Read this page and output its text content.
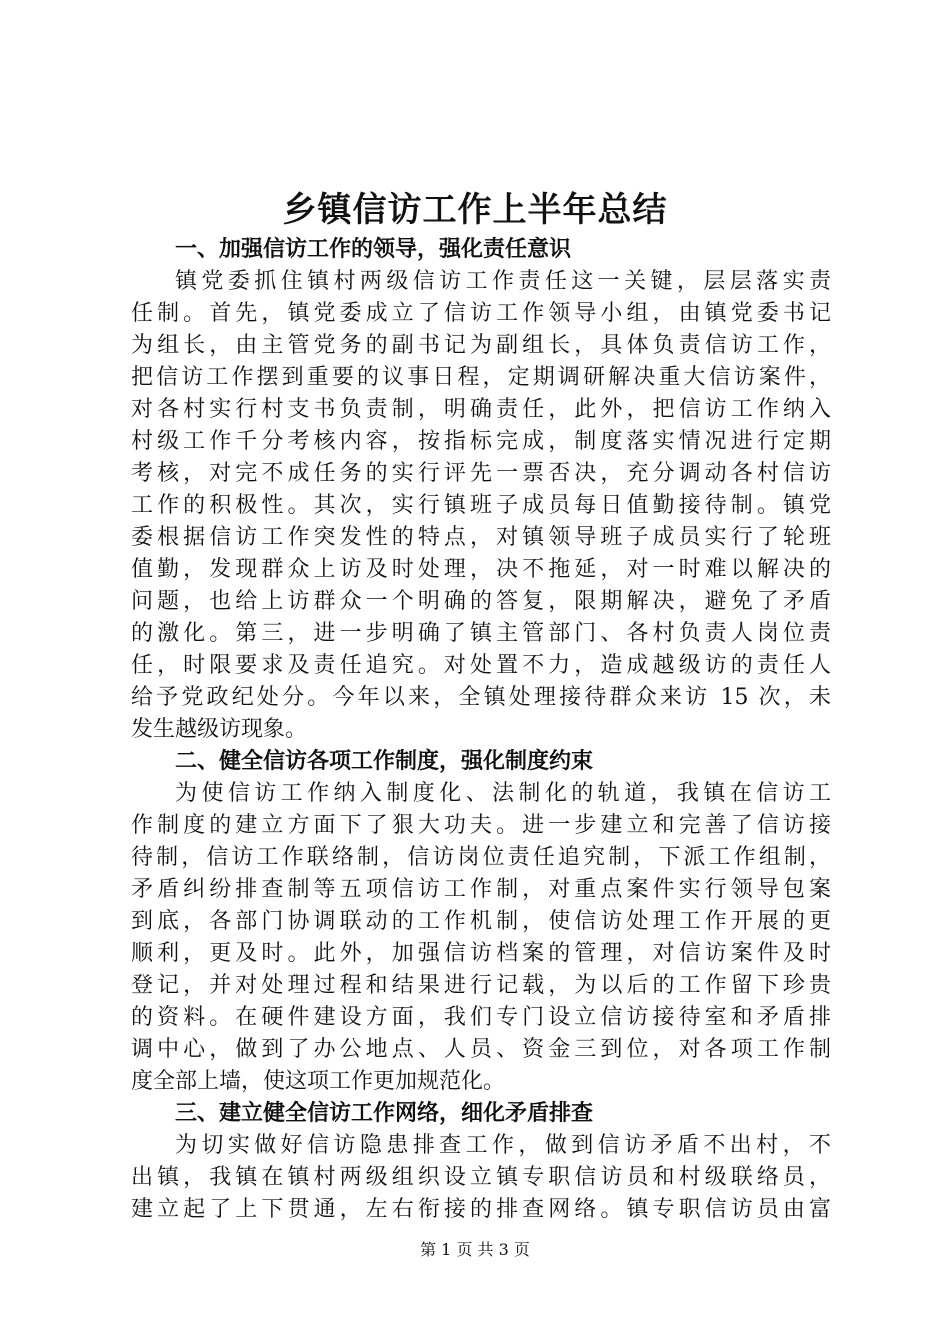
乡镇信访工作上半年总结
一、加强信访工作的领导，强化责任意识
镇党委抓住镇村两级信访工作责任这一关键，层层落实责
任制。首先，镇党委成立了信访工作领导小组，由镇党委书记
为组长，由主管党务的副书记为副组长，具体负责信访工作，
把信访工作摆到重要的议事日程，定期调研解决重大信访案件，
对各村实行村支书负责制，明确责任，此外，把信访工作纳入
村级工作千分考核内容，按指标完成，制度落实情况进行定期
考核，对完不成任务的实行评先一票否决，充分调动各村信访
工作的积极性。其次，实行镇班子成员每日值勤接待制。镇党
委根据信访工作突发性的特点，对镇领导班子成员实行了轮班
值勤，发现群众上访及时处理，决不拖延，对一时难以解决的
问题，也给上访群众一个明确的答复，限期解决，避免了矛盾
的激化。第三，进一步明确了镇主管部门、各村负责人岗位责
任，时限要求及责任追究。对处置不力，造成越级访的责任人
给予党政纪处分。今年以来，全镇处理接待群众来访 15 次，未
发生越级访现象。
二、健全信访各项工作制度，强化制度约束
为使信访工作纳入制度化、法制化的轨道，我镇在信访工
作制度的建立方面下了狠大功夫。进一步建立和完善了信访接
待制，信访工作联络制，信访岗位责任追究制，下派工作组制，
矛盾纠纷排查制等五项信访工作制，对重点案件实行领导包案
到底，各部门协调联动的工作机制，使信访处理工作开展的更
顺利，更及时。此外，加强信访档案的管理，对信访案件及时
登记，并对处理过程和结果进行记载，为以后的工作留下珍贵
的资料。在硬件建设方面，我们专门设立信访接待室和矛盾排
调中心，做到了办公地点、人员、资金三到位，对各项工作制
度全部上墙，使这项工作更加规范化。
三、建立健全信访工作网络，细化矛盾排查
为切实做好信访隐患排查工作，做到信访矛盾不出村，不
出镇，我镇在镇村两级组织设立镇专职信访员和村级联络员，
建立起了上下贯通，左右衔接的排查网络。镇专职信访员由富
第 1 页 共 3 页
